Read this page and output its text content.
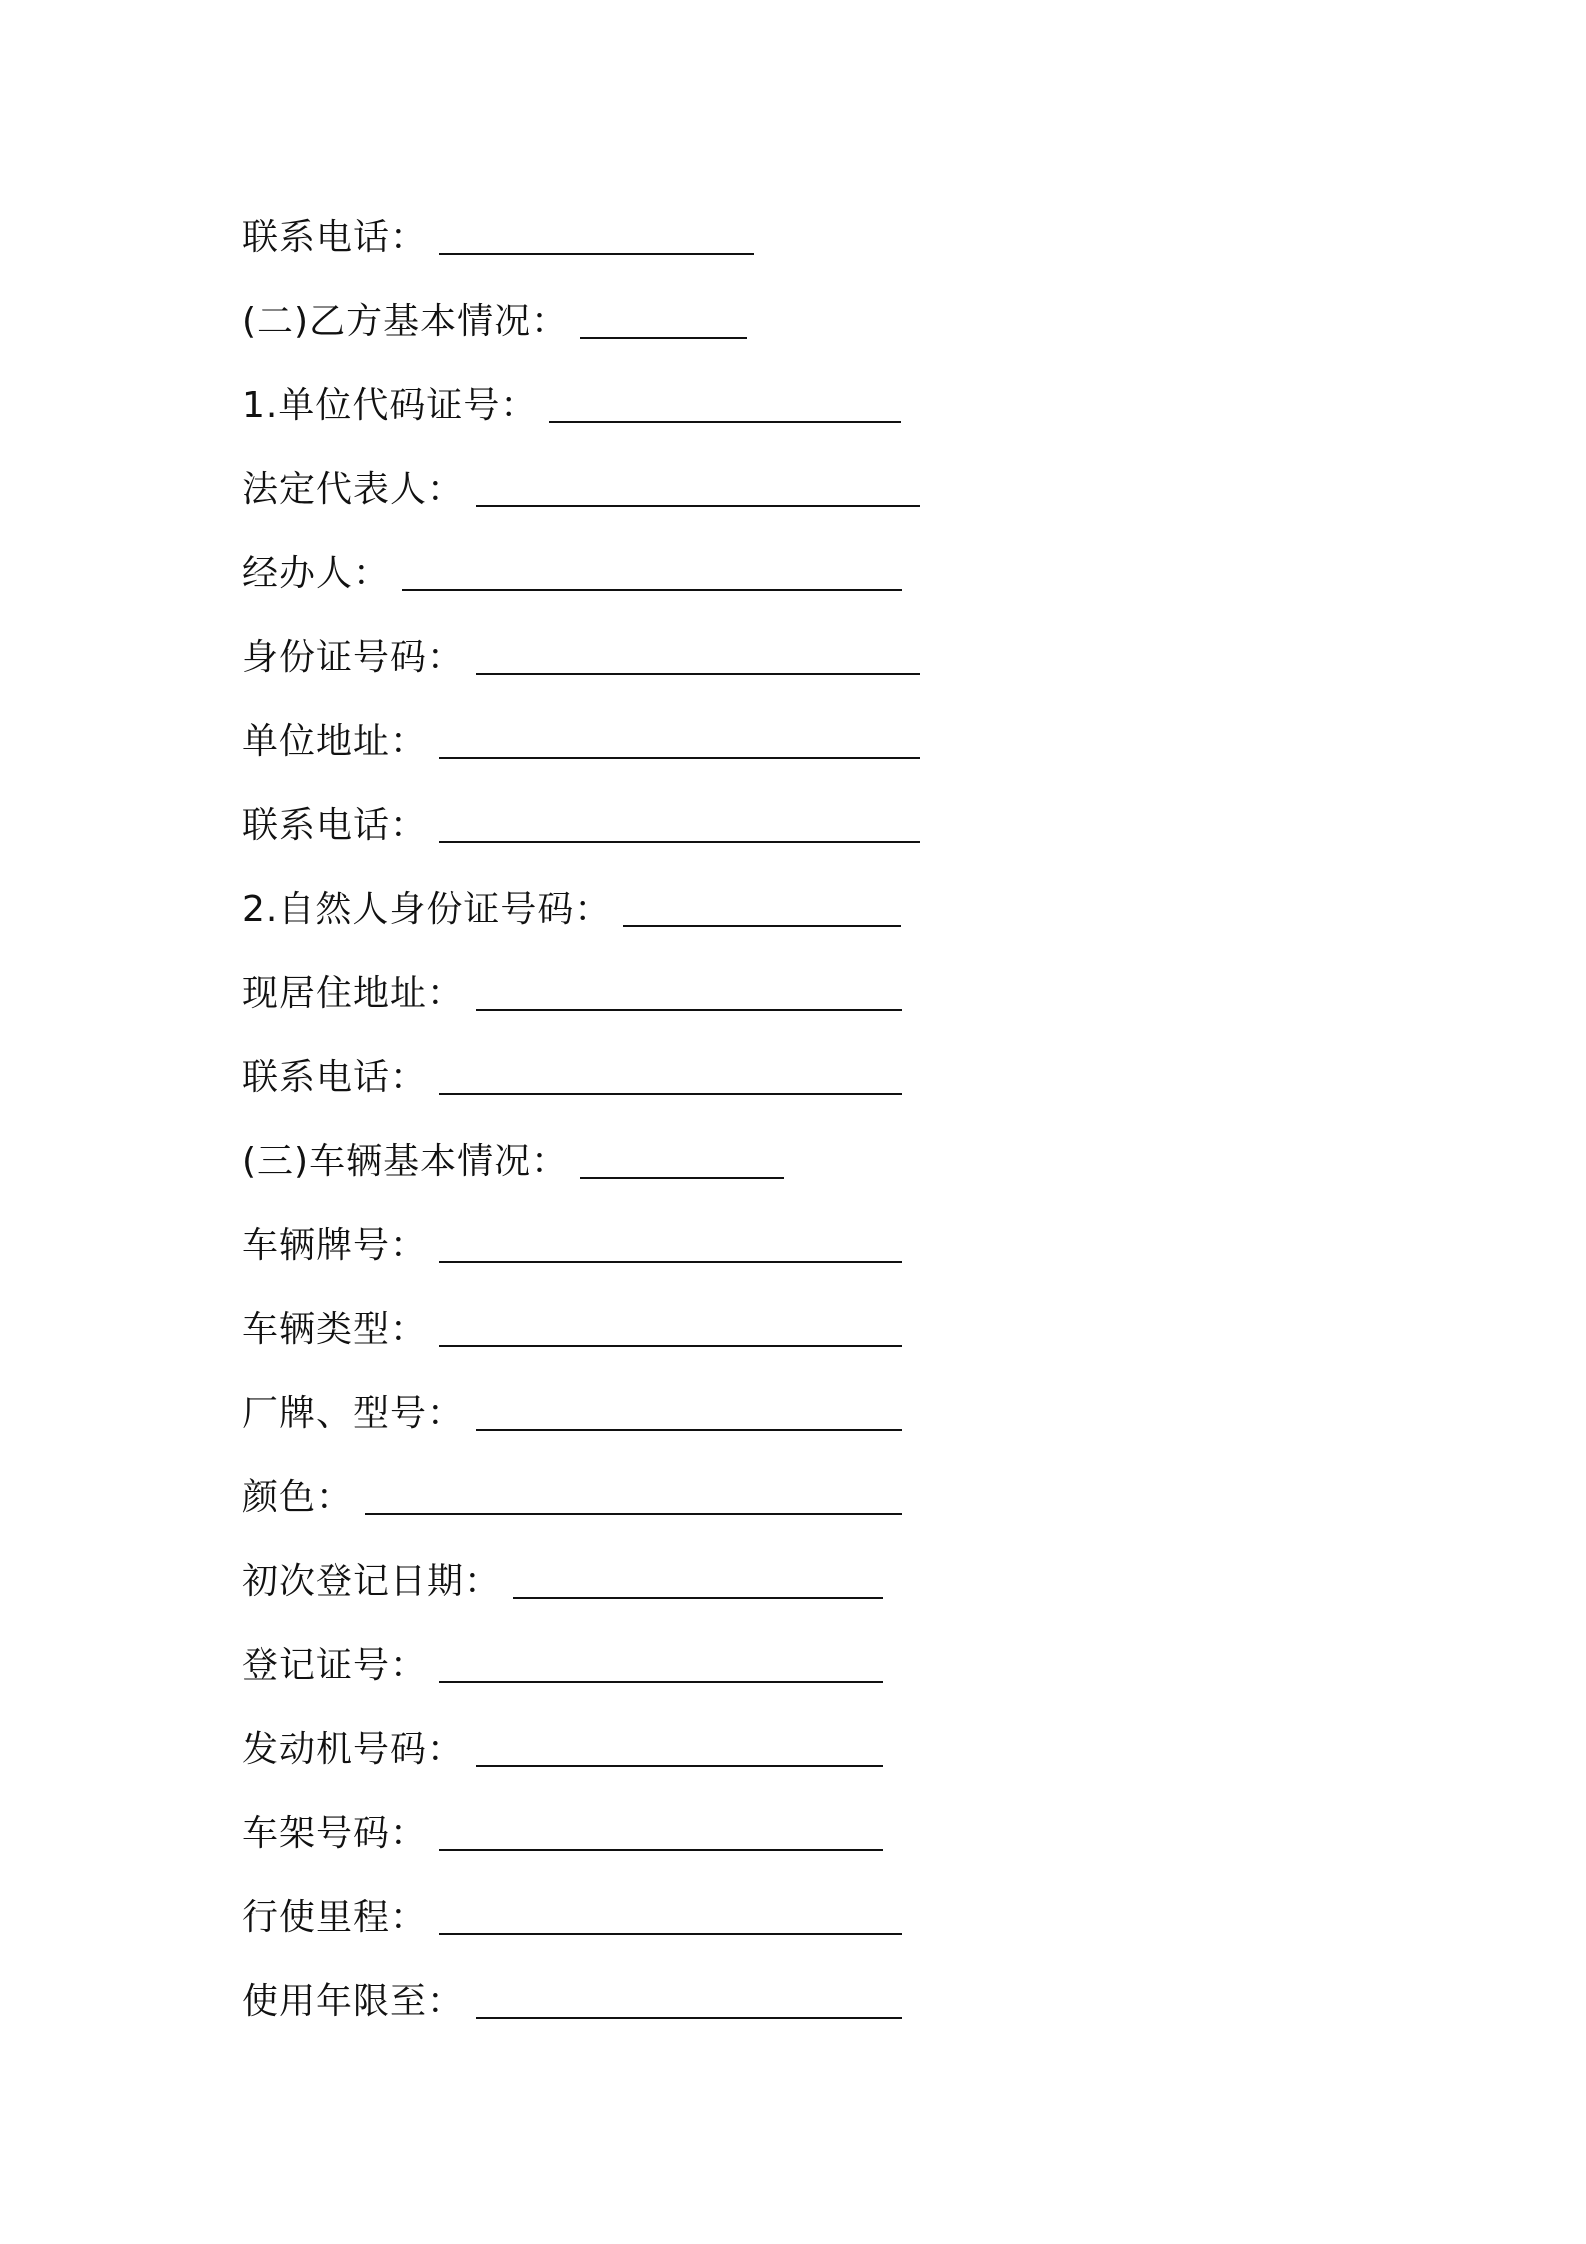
联系电话：
(二)乙方基本情况：
1.单位代码证号：
法定代表人：
经办人：
身份证号码：
单位地址：
联系电话：
2.自然人身份证号码：
现居住地址：
联系电话：
(三)车辆基本情况：
车辆牌号：
车辆类型：
厂牌、型号：
颜色：
初次登记日期：
登记证号：
发动机号码：
车架号码：
行使里程：
使用年限至：
